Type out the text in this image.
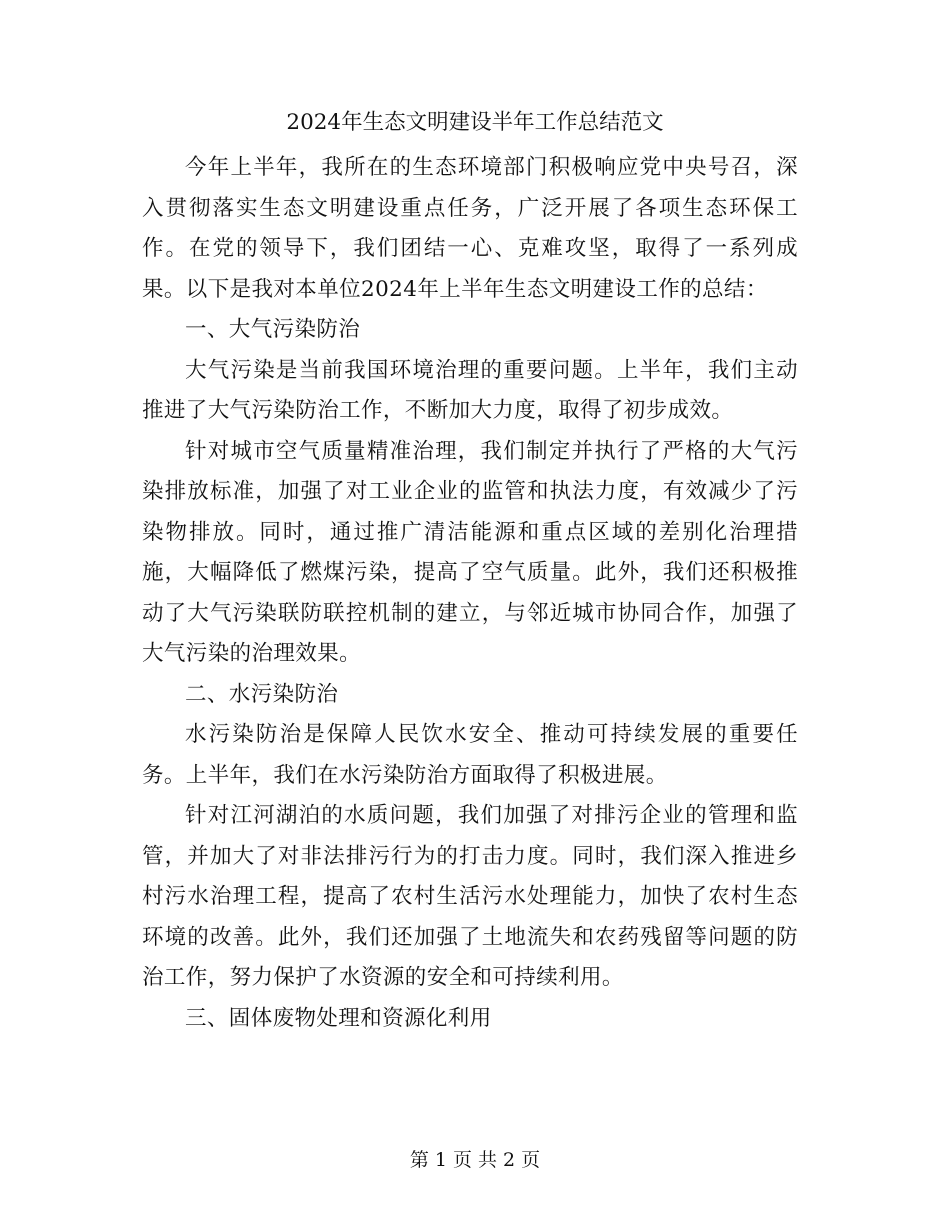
2024年生态文明建设半年工作总结范文

今年上半年，我所在的生态环境部门积极响应党中央号召，深入贯彻落实生态文明建设重点任务，广泛开展了各项生态环保工作。在党的领导下，我们团结一心、克难攻坚，取得了一系列成果。以下是我对本单位2024年上半年生态文明建设工作的总结：

一、大气污染防治

大气污染是当前我国环境治理的重要问题。上半年，我们主动推进了大气污染防治工作，不断加大力度，取得了初步成效。

针对城市空气质量精准治理，我们制定并执行了严格的大气污染排放标准，加强了对工业企业的监管和执法力度，有效减少了污染物排放。同时，通过推广清洁能源和重点区域的差别化治理措施，大幅降低了燃煤污染，提高了空气质量。此外，我们还积极推动了大气污染联防联控机制的建立，与邻近城市协同合作，加强了大气污染的治理效果。

二、水污染防治

水污染防治是保障人民饮水安全、推动可持续发展的重要任务。上半年，我们在水污染防治方面取得了积极进展。

针对江河湖泊的水质问题，我们加强了对排污企业的管理和监管，并加大了对非法排污行为的打击力度。同时，我们深入推进乡村污水治理工程，提高了农村生活污水处理能力，加快了农村生态环境的改善。此外，我们还加强了土地流失和农药残留等问题的防治工作，努力保护了水资源的安全和可持续利用。

三、固体废物处理和资源化利用

第 1 页 共 2 页
